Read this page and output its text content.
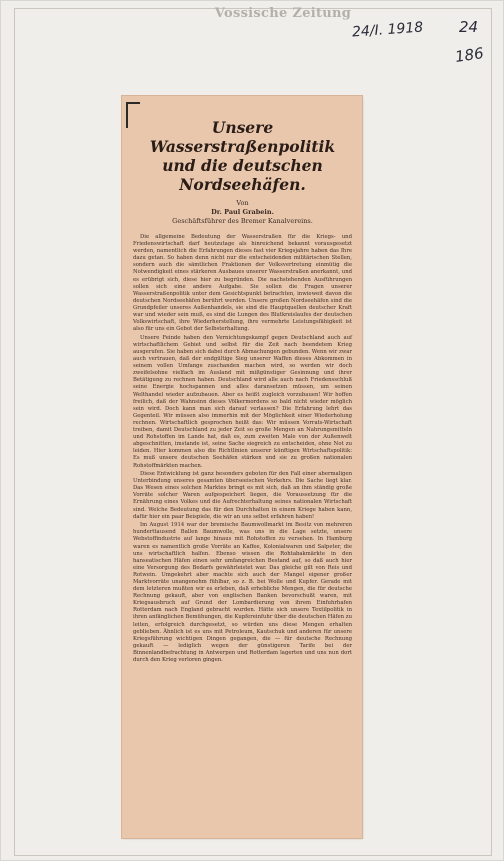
Vossische Zeitung
24/I. 1918 24
186
Unsere Wasserstraßenpolitik
und die deutschen Nordseehäfen.
Von
Dr. Paul Grabein.
Geschäftsführer des Bremer Kanalvereins.

Die allgemeine Bedeutung der Wasserstraßen für die Kriegs- und Friedenswirtschaft darf heutzutage als hinreichend bekannt vorausgesetzt werden, namentlich die Erfahrungen dieses fast vier Kriegsjahre haben das Ihre dazu getan. So haben denn nicht nur die entscheidenden militärischen Stellen, sondern auch die sämtlichen Fraktionen der Volksvertretung einmütig die Notwendigkeit eines stärkeren Ausbaues unserer Wasserstraßen anerkannt, und es erübrigt sich, diese hier zu begründen. Die nachstehenden Ausführungen sollen sich eine andere Aufgabe. Sie sollen die Fragen unserer Wasserstraßenpolitik unter dem Gesichtspunkt betrachten, inwieweit davon die deutschen Nordseehäfen berührt werden. Unsere großen Nordseehäfen sind die Grundpfeiler unseres Außenhandels, sie sind die Hauptquellen deutscher Kraft war und wieder sein muß, es sind die Lungen des Blutkreislaufes der deutschen Volkswirtschaft, ihre Wiederherstellung, ihre vermehrte Leistungsfähigkeit ist also für uns ein Gebot der Selbsterhaltung.

Unsere Feinde haben den Vernichtungskampf gegen Deutschland auch auf wirtschaftlichem Gebiet und selbst für die Zeit nach beendetem Krieg ausgerufen. Sie haben sich dabei durch Abmachungen gebunden. Wenn wir zwar auch vertrauen, daß der endgültige Sieg unserer Waffen dieses Abkommen in seinem vollen Umfange zuschanden machen wird, so werden wir doch zweifelsohne vielfach im Ausland mit mißgünstiger Gesinnung und ihrer Betätigung zu rechnen haben. Deutschland wird alle auch nach Friedensschluß seine Energie hochspannen und alles daransetzen müssen, um seinen Welthandel wieder aufzubauen. Aber es heißt zugleich vorzubauen! Wir hoffen freilich, daß der Wahnsinn dieses Völkermordens so bald nicht wieder möglich sein wird. Doch kann man sich darauf verlassen? Die Erfahrung lehrt das Gegenteil. Wir müssen also immerhin mit der Möglichkeit einer Wiederholung rechnen. Wirtschaftlich gesprochen heißt das: Wir müssen Vorrats-Wirtschaft treiben, damit Deutschland zu jeder Zeit so große Mengen an Nahrungsmitteln und Rohstoffen im Lande hat, daß es, zum zweiten Male von der Außenwelt abgeschnitten, imstande ist, seine Sache siegreich zu entscheiden, ohne Not zu leiden. Hier kommen also die Richtlinien unserer künftigen Wirtschaftspolitik: Es muß unsere deutschen Seehäfen stärken und sie zu großen nationalen Rohstoffmärkten machen.

Diese Entwicklung ist ganz besonders geboten für den Fall einer abermaligen Unterbindung unseres gesamten überseeischen Verkehrs. Die Sache liegt klar. Das Wesen eines solchen Marktes bringt es mit sich, daß an ihm ständig große Vorräte solcher Waren aufgespeichert liegen, die Voraussetzung für die Ernährung eines Volkes und die Aufrechterhaltung seines nationalen Wirtschaft sind. Welche Bedeutung das für den Durchhalten in einem Kriege haben kann, dafür hier ein paar Beispiele, die wir an uns selbst erfahren haben!

Im August 1914 war der bremische Baumwollmarkt im Besitz von mehreren hunderttausend Ballen Baumwolle, was uns in die Lage setzte, unsere Webstoffindustrie auf lange hinaus mit Rohstoffen zu versehen. In Hamburg waren es namentlich große Vorräte an Kaffee, Kolonialwaren und Salpeter, die uns wirtschaftlich halfen. Ebenso wissen die Rohtabakmärkte in den hanseatischen Häfen einen sehr umfangreichen Bestand auf, so daß auch hier eine Versorgung des Bedarfs gewährleistet war. Das gleiche gilt von Reis und Rotwein. Umgekehrt aber machte sich auch der Mangel eigener großer Marktvorräte unangenehm fühlbar, so z. B. bei Wolle und Kupfer. Gerade mit dem letzteren mußten wir es erleben, daß erhebliche Mengen, die für deutsche Rechnung gekauft, aber von englischen Banken bevorschußt waren, mit Kriegsausbruch auf Grund der Lombardierung von ihrem Einfuhrhafen Rotterdam nach England gebracht wurden. Hätte sich unsere Textilpolitik in ihren anfänglichen Bemühungen, die Kupfereinfuhr über die deutschen Häfen zu leiten, erfolgreich durchgesetzt, so würden uns diese Mengen erhalten geblieben. Ähnlich ist es uns mit Petroleum, Kautschuk und anderen für unsere Kriegsführung wichtigen Dingen gegangen, die — für deutsche Rechnung gekauft — lediglich wegen der günstigeren Tarife bei der Binnenlandbefrachtung in Antwerpen und Rotterdam lagerten und uns nun dort durch den Krieg verloren gingen.
